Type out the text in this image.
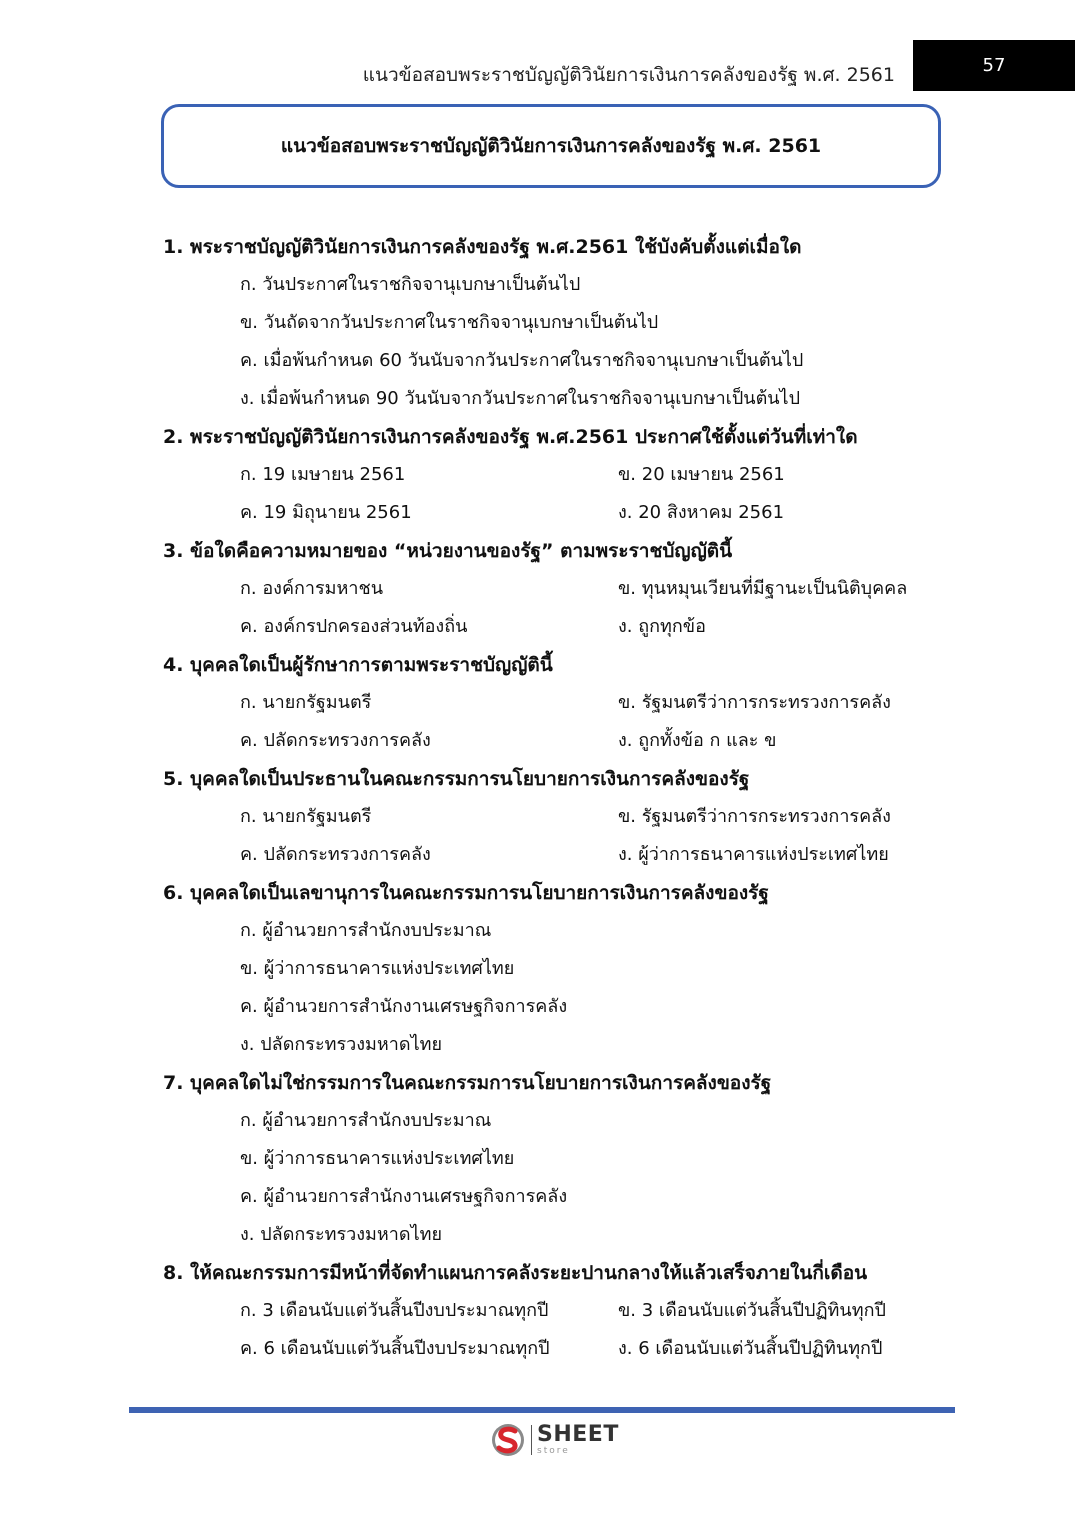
แนวข้อสอบพระราชบัญญัติวินัยการเงินการคลังของรัฐ พ.ศ. 2561	57
แนวข้อสอบพระราชบัญญัติวินัยการเงินการคลังของรัฐ พ.ศ. 2561
1. พระราชบัญญัติวินัยการเงินการคลังของรัฐ พ.ศ.2561 ใช้บังคับตั้งแต่เมื่อใด
ก. วันประกาศในราชกิจจานุเบกษาเป็นต้นไป
ข. วันถัดจากวันประกาศในราชกิจจานุเบกษาเป็นต้นไป
ค. เมื่อพ้นกำหนด 60 วันนับจากวันประกาศในราชกิจจานุเบกษาเป็นต้นไป
ง. เมื่อพ้นกำหนด 90 วันนับจากวันประกาศในราชกิจจานุเบกษาเป็นต้นไป
2. พระราชบัญญัติวินัยการเงินการคลังของรัฐ พ.ศ.2561 ประกาศใช้ตั้งแต่วันที่เท่าใด
ก. 19 เมษายน 2561	ข. 20 เมษายน 2561
ค. 19 มิถุนายน 2561	ง. 20 สิงหาคม 2561
3. ข้อใดคือความหมายของ “หน่วยงานของรัฐ” ตามพระราชบัญญัตินี้
ก. องค์การมหาชน	ข. ทุนหมุนเวียนที่มีฐานะเป็นนิติบุคคล
ค. องค์กรปกครองส่วนท้องถิ่น	ง. ถูกทุกข้อ
4. บุคคลใดเป็นผู้รักษาการตามพระราชบัญญัตินี้
ก. นายกรัฐมนตรี	ข. รัฐมนตรีว่าการกระทรวงการคลัง
ค. ปลัดกระทรวงการคลัง	ง. ถูกทั้งข้อ ก และ ข
5. บุคคลใดเป็นประธานในคณะกรรมการนโยบายการเงินการคลังของรัฐ
ก. นายกรัฐมนตรี	ข. รัฐมนตรีว่าการกระทรวงการคลัง
ค. ปลัดกระทรวงการคลัง	ง. ผู้ว่าการธนาคารแห่งประเทศไทย
6. บุคคลใดเป็นเลขานุการในคณะกรรมการนโยบายการเงินการคลังของรัฐ
ก. ผู้อำนวยการสำนักงบประมาณ
ข. ผู้ว่าการธนาคารแห่งประเทศไทย
ค. ผู้อำนวยการสำนักงานเศรษฐกิจการคลัง
ง. ปลัดกระทรวงมหาดไทย
7. บุคคลใดไม่ใช่กรรมการในคณะกรรมการนโยบายการเงินการคลังของรัฐ
ก. ผู้อำนวยการสำนักงบประมาณ
ข. ผู้ว่าการธนาคารแห่งประเทศไทย
ค. ผู้อำนวยการสำนักงานเศรษฐกิจการคลัง
ง. ปลัดกระทรวงมหาดไทย
8. ให้คณะกรรมการมีหน้าที่จัดทำแผนการคลังระยะปานกลางให้แล้วเสร็จภายในกี่เดือน
ก. 3 เดือนนับแต่วันสิ้นปีงบประมาณทุกปี	ข. 3 เดือนนับแต่วันสิ้นปีปฏิทินทุกปี
ค. 6 เดือนนับแต่วันสิ้นปีงบประมาณทุกปี	ง. 6 เดือนนับแต่วันสิ้นปีปฏิทินทุกปี
SHEET
store
